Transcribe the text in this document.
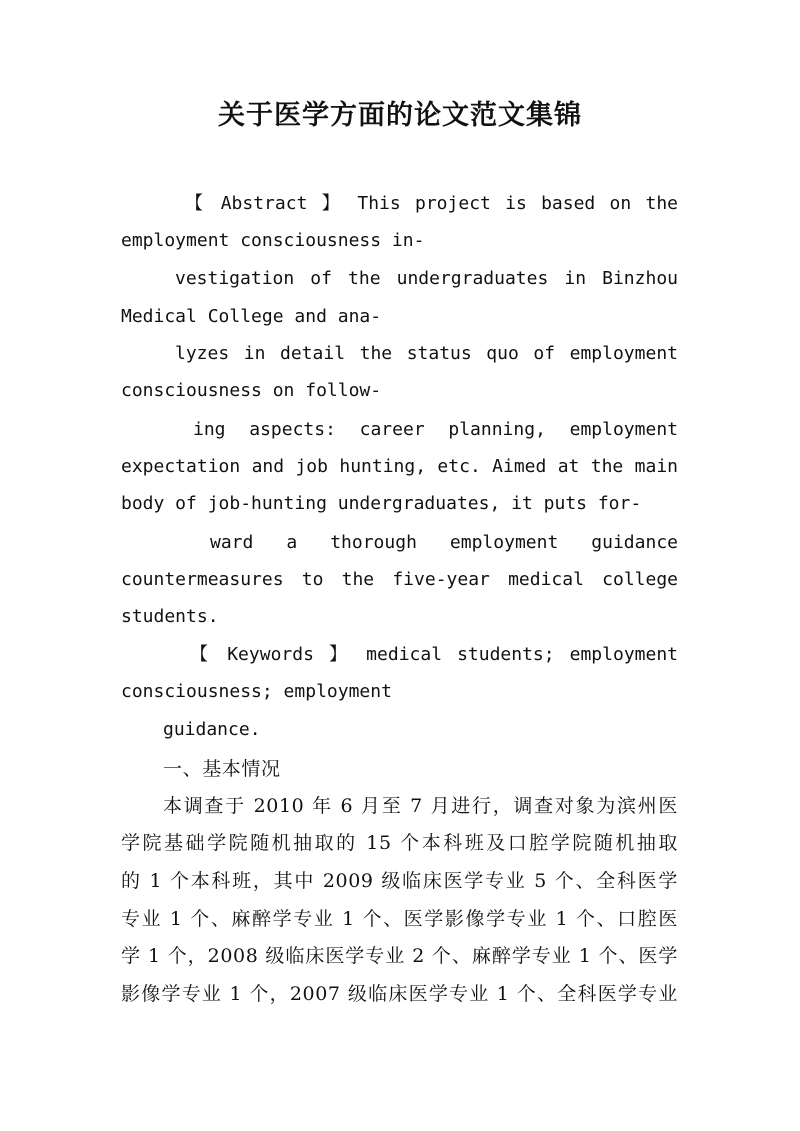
关于医学方面的论文范文集锦
【 Abstract 】 This project is based on the
employment consciousness in-
vestigation of the undergraduates in Binzhou
Medical College and ana-
lyzes in detail the status quo of employment
consciousness on follow-
ing aspects: career planning, employment
expectation and job hunting, etc. Aimed at the main
body of job-hunting undergraduates, it puts for-
ward a thorough employment guidance
countermeasures to the five-year medical college
students.
【 Keywords 】 medical students; employment
consciousness; employment
guidance.
一、基本情况
本调查于 2010 年 6 月至 7 月进行，调查对象为滨州医
学院基础学院随机抽取的 15 个本科班及口腔学院随机抽取
的 1 个本科班，其中 2009 级临床医学专业 5 个、全科医学
专业 1 个、麻醉学专业 1 个、医学影像学专业 1 个、口腔医
学 1 个，2008 级临床医学专业 2 个、麻醉学专业 1 个、医学
影像学专业 1 个，2007 级临床医学专业 1 个、全科医学专业
